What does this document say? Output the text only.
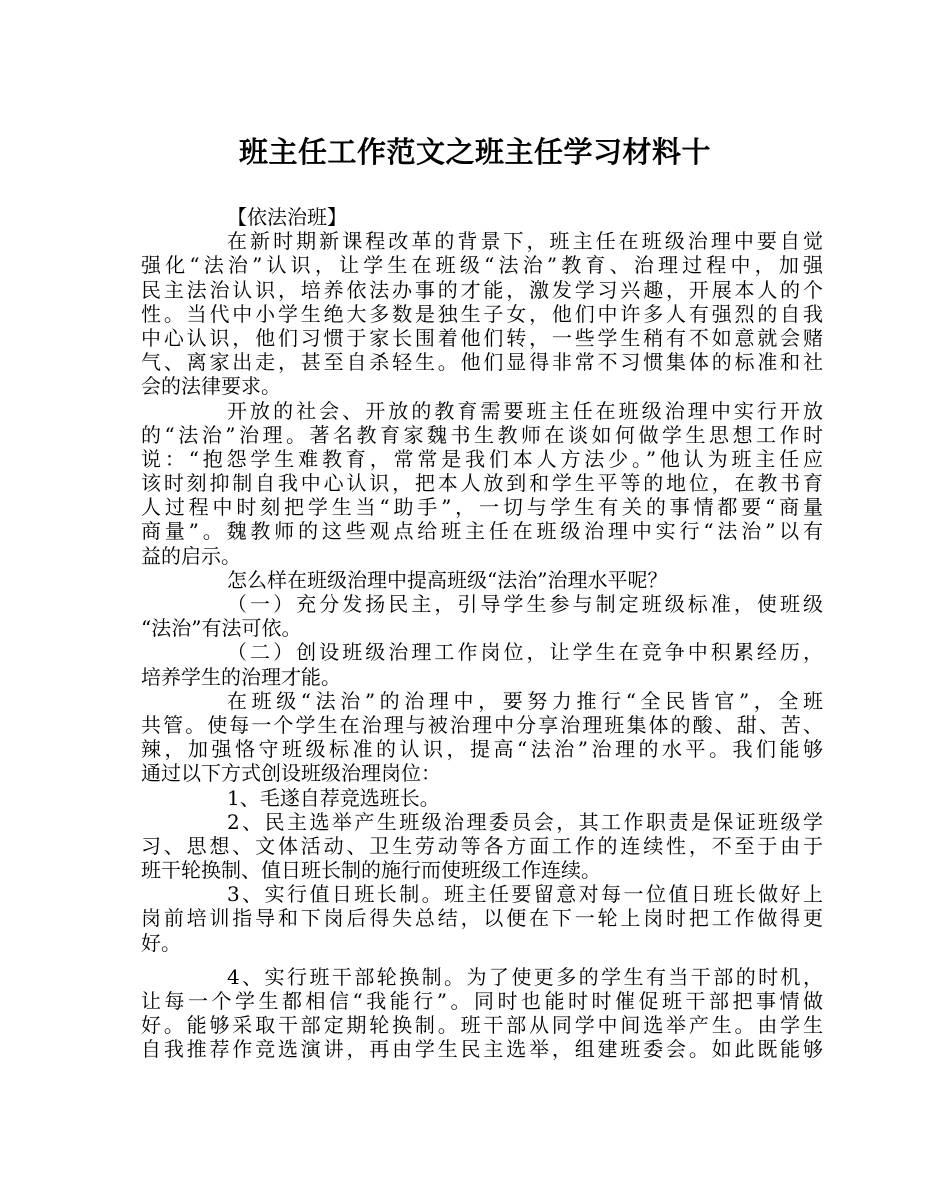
班主任工作范文之班主任学习材料十
【依法治班】
在新时期新课程改革的背景下，班主任在班级治理中要自觉
强化“法治”认识，让学生在班级“法治”教育、治理过程中，加强
民主法治认识，培养依法办事的才能，激发学习兴趣，开展本人的个
性。当代中小学生绝大多数是独生子女，他们中许多人有强烈的自我
中心认识，他们习惯于家长围着他们转，一些学生稍有不如意就会赌
气、离家出走，甚至自杀轻生。他们显得非常不习惯集体的标准和社
会的法律要求。
开放的社会、开放的教育需要班主任在班级治理中实行开放
的“法治”治理。著名教育家魏书生教师在谈如何做学生思想工作时
说：“抱怨学生难教育，常常是我们本人方法少。”他认为班主任应
该时刻抑制自我中心认识，把本人放到和学生平等的地位，在教书育
人过程中时刻把学生当“助手”，一切与学生有关的事情都要“商量
商量”。魏教师的这些观点给班主任在班级治理中实行“法治”以有
益的启示。
怎么样在班级治理中提高班级“法治”治理水平呢？
（一）充分发扬民主，引导学生参与制定班级标准，使班级
“法治”有法可依。
（二）创设班级治理工作岗位，让学生在竞争中积累经历，
培养学生的治理才能。
在班级“法治”的治理中，要努力推行“全民皆官”，全班
共管。使每一个学生在治理与被治理中分享治理班集体的酸、甜、苦、
辣，加强恪守班级标准的认识，提高“法治”治理的水平。我们能够
通过以下方式创设班级治理岗位：
1、毛遂自荐竞选班长。
2、民主选举产生班级治理委员会，其工作职责是保证班级学
习、思想、文体活动、卫生劳动等各方面工作的连续性，不至于由于
班干轮换制、值日班长制的施行而使班级工作连续。
3、实行值日班长制。班主任要留意对每一位值日班长做好上
岗前培训指导和下岗后得失总结，以便在下一轮上岗时把工作做得更
好。
4、实行班干部轮换制。为了使更多的学生有当干部的时机，
让每一个学生都相信“我能行”。同时也能时时催促班干部把事情做
好。能够采取干部定期轮换制。班干部从同学中间选举产生。由学生
自我推荐作竞选演讲，再由学生民主选举，组建班委会。如此既能够
